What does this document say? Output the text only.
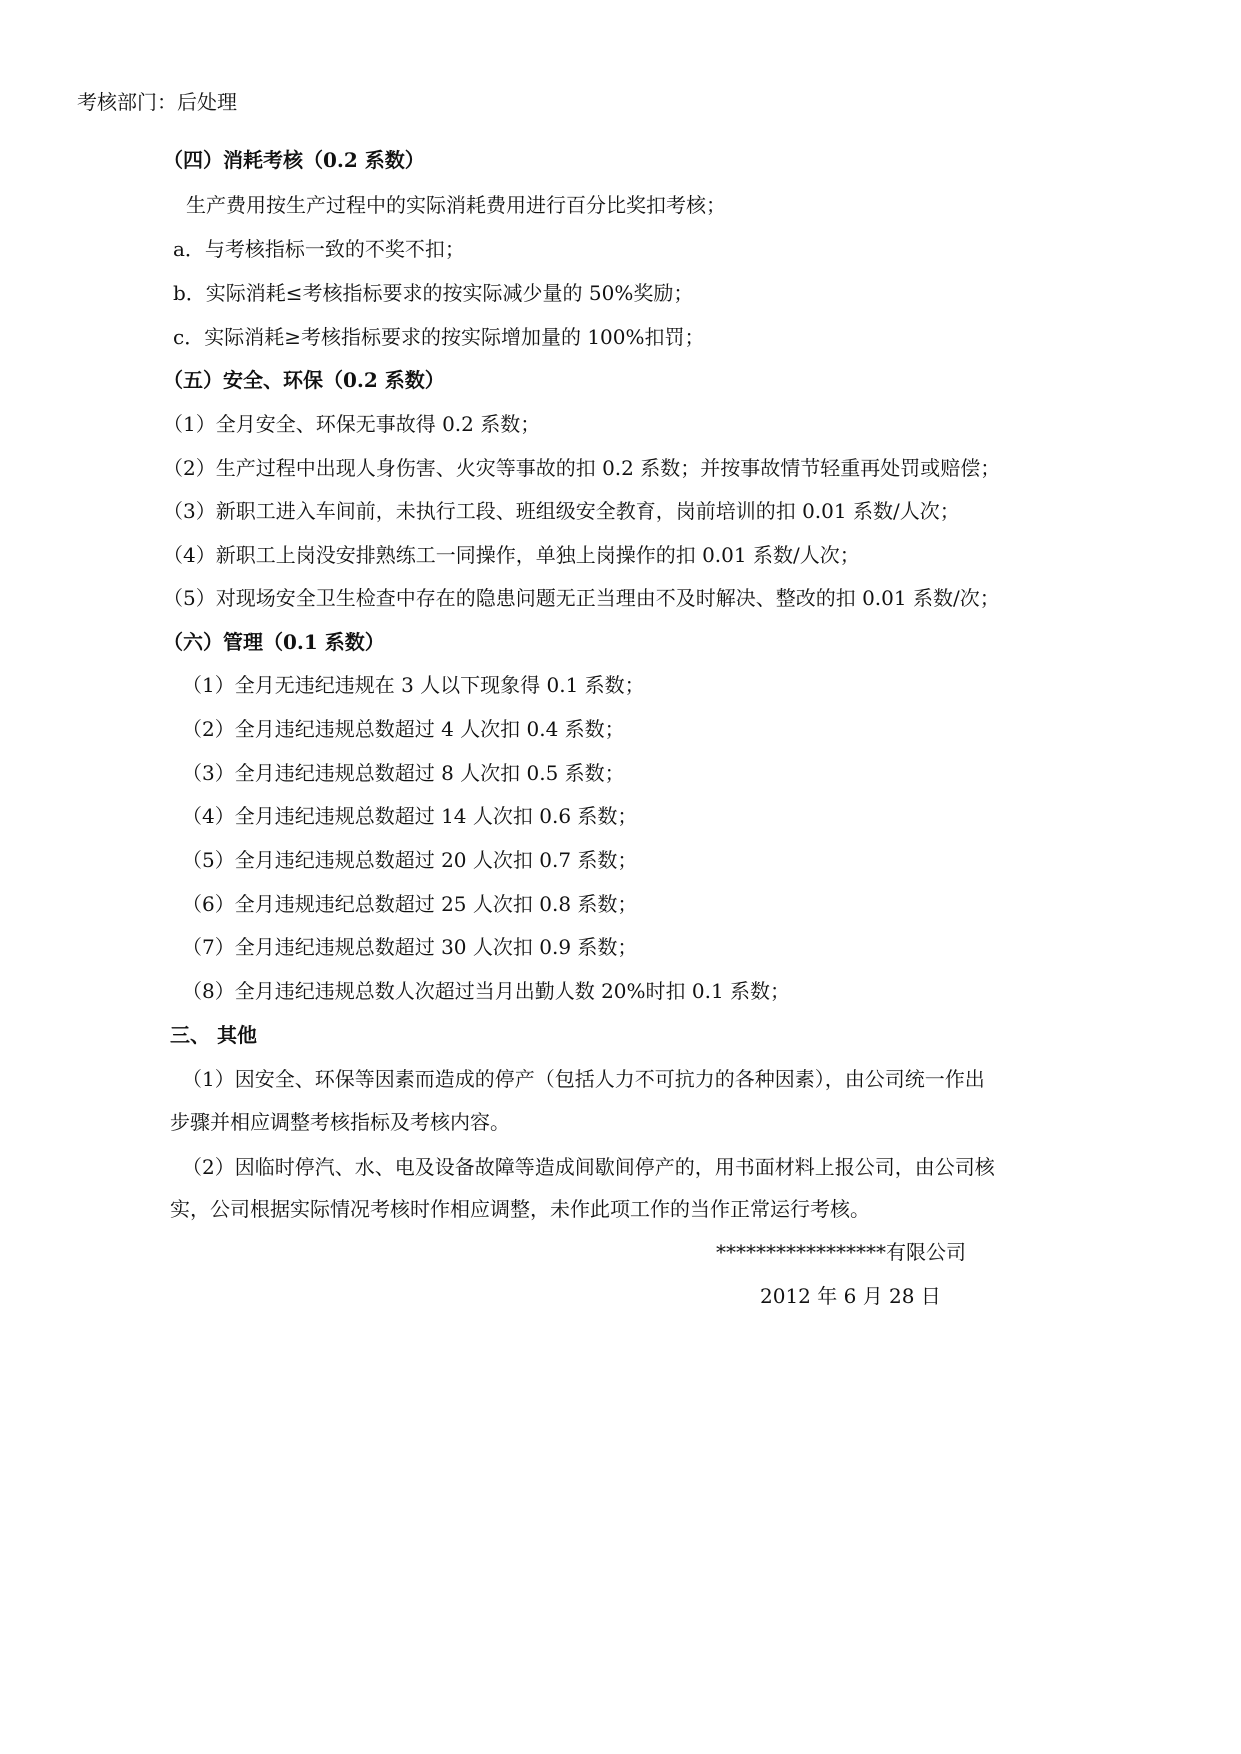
考核部门：后处理
（四）消耗考核（0.2 系数）
生产费用按生产过程中的实际消耗费用进行百分比奖扣考核；
a．与考核指标一致的不奖不扣；
b．实际消耗≤考核指标要求的按实际减少量的 50%奖励；
c．实际消耗≥考核指标要求的按实际增加量的 100%扣罚；
（五）安全、环保（0.2 系数）
（1）全月安全、环保无事故得 0.2 系数；
（2）生产过程中出现人身伤害、火灾等事故的扣 0.2 系数；并按事故情节轻重再处罚或赔偿；
（3）新职工进入车间前，未执行工段、班组级安全教育，岗前培训的扣 0.01 系数/人次；
（4）新职工上岗没安排熟练工一同操作，单独上岗操作的扣 0.01 系数/人次；
（5）对现场安全卫生检查中存在的隐患问题无正当理由不及时解决、整改的扣 0.01 系数/次；
（六）管理（0.1 系数）
（1）全月无违纪违规在 3 人以下现象得 0.1 系数；
（2）全月违纪违规总数超过 4 人次扣 0.4 系数；
（3）全月违纪违规总数超过 8 人次扣 0.5 系数；
（4）全月违纪违规总数超过 14 人次扣 0.6 系数；
（5）全月违纪违规总数超过 20 人次扣 0.7 系数；
（6）全月违规违纪总数超过 25 人次扣 0.8 系数；
（7）全月违纪违规总数超过 30 人次扣 0.9 系数；
（8）全月违纪违规总数人次超过当月出勤人数 20%时扣 0.1 系数；
三、 其他
（1）因安全、环保等因素而造成的停产（包括人力不可抗力的各种因素），由公司统一作出
步骤并相应调整考核指标及考核内容。
（2）因临时停汽、水、电及设备故障等造成间歇间停产的，用书面材料上报公司，由公司核
实，公司根据实际情况考核时作相应调整，未作此项工作的当作正常运行考核。
*****************有限公司
2012 年 6 月 28 日
